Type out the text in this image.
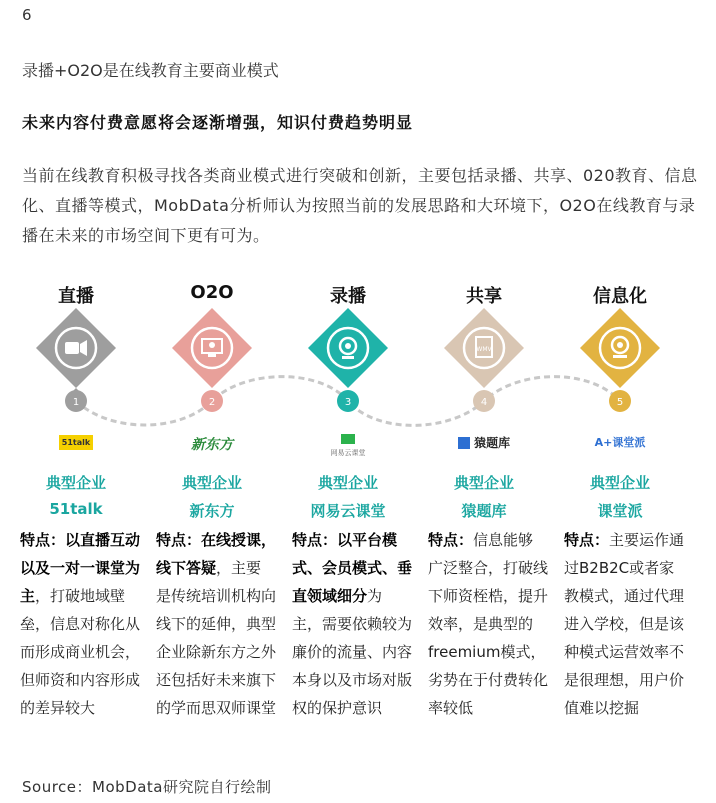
6
录播+O2O是在线教育主要商业模式
未来内容付费意愿将会逐渐增强，知识付费趋势明显
当前在线教育积极寻找各类商业模式进行突破和创新，主要包括录播、共享、020教育、信息化、直播等模式，MobData分析师认为按照当前的发展思路和大环境下，O2O在线教育与录播在未来的市场空间下更有可为。
WMV
1	2	3	4	5
直播
51talk
典型企业
51talk
特点：以直播互动以及一对一课堂为主，打破地域壁垒，信息对称化从而形成商业机会，但师资和内容形成的差异较大
O2O
新东方
典型企业
新东方
特点：在线授课，线下答疑，主要是传统培训机构向线下的延伸，典型企业除新东方之外还包括好未来旗下的学而思双师课堂
录播
网易云课堂
典型企业
网易云课堂
特点：以平台模式、会员模式、垂直领域细分为主，需要依赖较为廉价的流量、内容本身以及市场对版权的保护意识
共享
猿题库
典型企业
猿题库
特点：信息能够广泛整合，打破线下师资桎梏，提升效率，是典型的freemium模式，劣势在于付费转化率较低
信息化
A+课堂派
典型企业
课堂派
特点：主要运作通过B2B2C或者家教模式，通过代理进入学校，但是该种模式运营效率不是很理想，用户价值难以挖掘
Source：MobData研究院自行绘制
